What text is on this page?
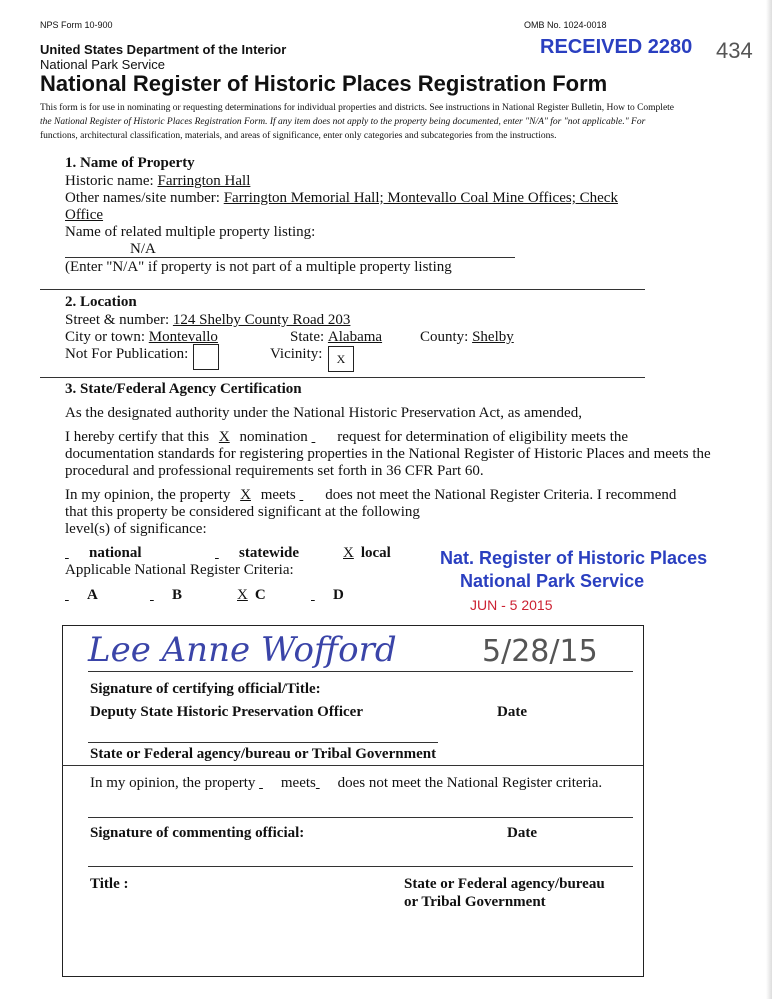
NPS Form 10-900	OMB No. 1024-0018
United States Department of the Interior
National Park Service
National Register of Historic Places Registration Form
This form is for use in nominating or requesting determinations for individual properties and districts. See instructions in National Register Bulletin, How to Complete
the National Register of Historic Places Registration Form. If any item does not apply to the property being documented, enter "N/A" for "not applicable." For
functions, architectural classification, materials, and areas of significance, enter only categories and subcategories from the instructions.
RECEIVED 2280 434
1. Name of Property
Historic name: Farrington Hall
Other names/site number: Farrington Memorial Hall; Montevallo Coal Mine Offices; Check
Office
Name of related multiple property listing:
N/A
(Enter "N/A" if property is not part of a multiple property listing
2. Location
Street & number: 124 Shelby County Road 203
City or town: Montevallo	State: Alabama	County: Shelby
Not For Publication:	Vicinity:	X
3. State/Federal Agency Certification
As the designated authority under the National Historic Preservation Act, as amended,
I hereby certify that this X nomination request for determination of eligibility meets the
documentation standards for registering properties in the National Register of Historic Places and meets the
procedural and professional requirements set forth in 36 CFR Part 60.
In my opinion, the property X meets does not meet the National Register Criteria. I recommend
that this property be considered significant at the following
level(s) of significance:
national	statewide	X local
Applicable National Register Criteria:
A	B	X C	D
Nat. Register of Historic Places
National Park Service
JUN - 5 2015
Lee Anne Wofford	5/28/15
Signature of certifying official/Title:
Deputy State Historic Preservation Officer	Date
State or Federal agency/bureau or Tribal Government
In my opinion, the property meets does not meet the National Register criteria.
Signature of commenting official:	Date
Title :	State or Federal agency/bureau
or Tribal Government
